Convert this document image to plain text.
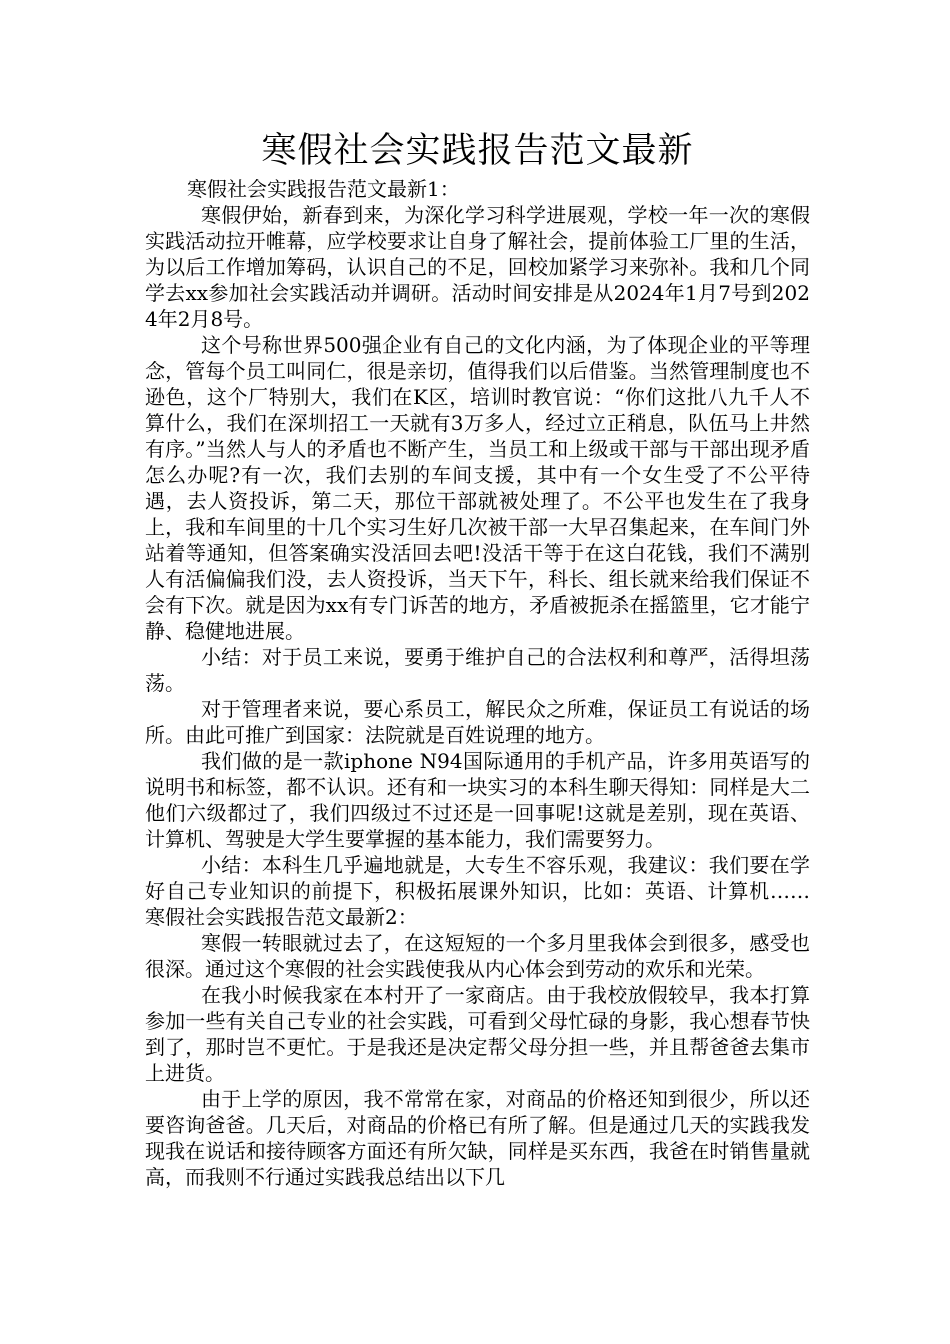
寒假社会实践报告范文最新

寒假社会实践报告范文最新1：

寒假伊始，新春到来，为深化学习科学进展观，学校一年一次的寒假实践活动拉开帷幕，应学校要求让自身了解社会，提前体验工厂里的生活，为以后工作增加筹码，认识自己的不足，回校加紧学习来弥补。我和几个同学去xx参加社会实践活动并调研。活动时间安排是从2024年1月7号到2024年2月8号。

这个号称世界500强企业有自己的文化内涵，为了体现企业的平等理念，管每个员工叫同仁，很是亲切，值得我们以后借鉴。当然管理制度也不逊色，这个厂特别大，我们在K区，培训时教官说：“你们这批八九千人不算什么，我们在深圳招工一天就有3万多人，经过立正稍息，队伍马上井然有序。”当然人与人的矛盾也不断产生，当员工和上级或干部与干部出现矛盾怎么办呢?有一次，我们去别的车间支援，其中有一个女生受了不公平待遇，去人资投诉，第二天，那位干部就被处理了。不公平也发生在了我身上，我和车间里的十几个实习生好几次被干部一大早召集起来，在车间门外站着等通知，但答案确实没活回去吧!没活干等于在这白花钱，我们不满别人有活偏偏我们没，去人资投诉，当天下午，科长、组长就来给我们保证不会有下次。就是因为xx有专门诉苦的地方，矛盾被扼杀在摇篮里，它才能宁静、稳健地进展。

小结：对于员工来说，要勇于维护自己的合法权利和尊严，活得坦荡荡。

对于管理者来说，要心系员工，解民众之所难，保证员工有说话的场所。由此可推广到国家：法院就是百姓说理的地方。

我们做的是一款iphone N94国际通用的手机产品，许多用英语写的说明书和标签，都不认识。还有和一块实习的本科生聊天得知：同样是大二他们六级都过了，我们四级过不过还是一回事呢!这就是差别，现在英语、计算机、驾驶是大学生要掌握的基本能力，我们需要努力。

小结：本科生几乎遍地就是，大专生不容乐观，我建议：我们要在学好自己专业知识的前提下，积极拓展课外知识，比如：英语、计算机……　　寒假社会实践报告范文最新2：

寒假一转眼就过去了，在这短短的一个多月里我体会到很多，感受也很深。通过这个寒假的社会实践使我从内心体会到劳动的欢乐和光荣。

在我小时候我家在本村开了一家商店。由于我校放假较早，我本打算参加一些有关自己专业的社会实践，可看到父母忙碌的身影，我心想春节快到了，那时岂不更忙。于是我还是决定帮父母分担一些，并且帮爸爸去集市上进货。

由于上学的原因，我不常常在家，对商品的价格还知到很少，所以还要咨询爸爸。几天后，对商品的价格已有所了解。但是通过几天的实践我发现我在说话和接待顾客方面还有所欠缺，同样是买东西，我爸在时销售量就高，而我则不行通过实践我总结出以下几
